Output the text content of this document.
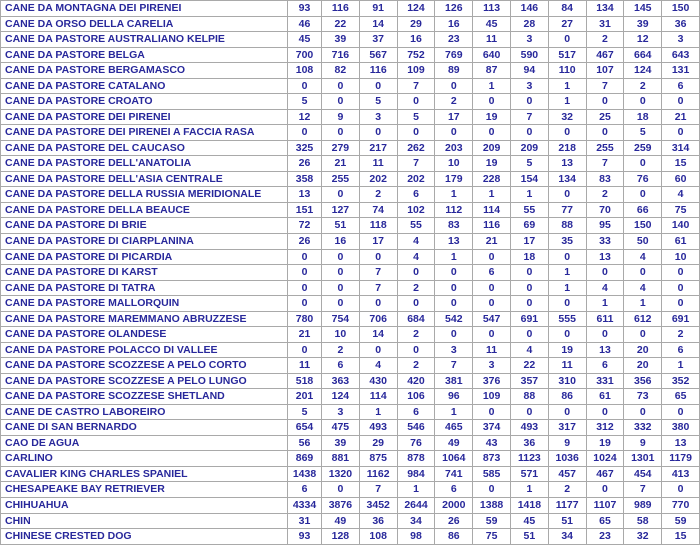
CANE DA MONTAGNA DEI PIRENEI	93	116	91	124	126	113	146	84	134	145	150
CANE DA ORSO DELLA CARELIA	46	22	14	29	16	45	28	27	31	39	36
CANE DA PASTORE AUSTRALIANO KELPIE	45	39	37	16	23	11	3	0	2	12	3
CANE DA PASTORE BELGA	700	716	567	752	769	640	590	517	467	664	643
CANE DA PASTORE BERGAMASCO	108	82	116	109	89	87	94	110	107	124	131
CANE DA PASTORE CATALANO	0	0	0	7	0	1	3	1	7	2	6
CANE DA PASTORE CROATO	5	0	5	0	2	0	0	1	0	0	0
CANE DA PASTORE DEI PIRENEI	12	9	3	5	17	19	7	32	25	18	21
CANE DA PASTORE DEI PIRENEI A FACCIA RASA	0	0	0	0	0	0	0	0	0	5	0
CANE DA PASTORE DEL CAUCASO	325	279	217	262	203	209	209	218	255	259	314
CANE DA PASTORE DELL'ANATOLIA	26	21	11	7	10	19	5	13	7	0	15
CANE DA PASTORE DELL'ASIA CENTRALE	358	255	202	202	179	228	154	134	83	76	60
CANE DA PASTORE DELLA RUSSIA MERIDIONALE	13	0	2	6	1	1	1	0	2	0	4
CANE DA PASTORE DELLA BEAUCE	151	127	74	102	112	114	55	77	70	66	75
CANE DA PASTORE DI BRIE	72	51	118	55	83	116	69	88	95	150	140
CANE DA PASTORE DI CIARPLANINA	26	16	17	4	13	21	17	35	33	50	61
CANE DA PASTORE DI PICARDIA	0	0	0	4	1	0	18	0	13	4	10
CANE DA PASTORE DI KARST	0	0	7	0	0	6	0	1	0	0	0
CANE DA PASTORE DI TATRA	0	0	7	2	0	0	0	1	4	4	0
CANE DA PASTORE MALLORQUIN	0	0	0	0	0	0	0	0	1	1	0
CANE DA PASTORE MAREMMANO ABRUZZESE	780	754	706	684	542	547	691	555	611	612	691
CANE DA PASTORE OLANDESE	21	10	14	2	0	0	0	0	0	0	2
CANE DA PASTORE POLACCO DI VALLEE	0	2	0	0	3	11	4	19	13	20	6
CANE DA PASTORE SCOZZESE A PELO CORTO	11	6	4	2	7	3	22	11	6	20	1
CANE DA PASTORE SCOZZESE A PELO LUNGO	518	363	430	420	381	376	357	310	331	356	352
CANE DA PASTORE SCOZZESE SHETLAND	201	124	114	106	96	109	88	86	61	73	65
CANE DE CASTRO LABOREIRO	5	3	1	6	1	0	0	0	0	0	0
CANE DI SAN BERNARDO	654	475	493	546	465	374	493	317	312	332	380
CAO DE AGUA	56	39	29	76	49	43	36	9	19	9	13
CARLINO	869	881	875	878	1064	873	1123	1036	1024	1301	1179
CAVALIER KING CHARLES SPANIEL	1438	1320	1162	984	741	585	571	457	467	454	413
CHESAPEAKE BAY RETRIEVER	6	0	7	1	6	0	1	2	0	7	0
CHIHUAHUA	4334	3876	3452	2644	2000	1388	1418	1177	1107	989	770
CHIN	31	49	36	34	26	59	45	51	65	58	59
CHINESE CRESTED DOG	93	128	108	98	86	75	51	34	23	32	15
